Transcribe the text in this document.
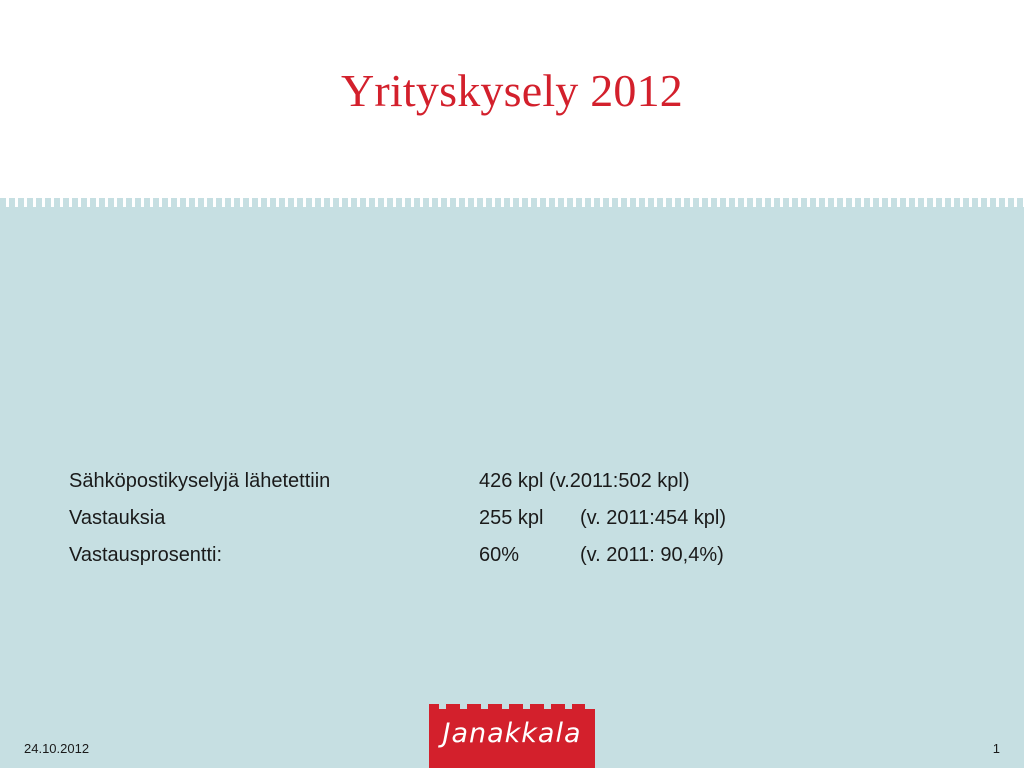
Yrityskysely 2012
Sähköpostikyselyjä lähetettiin	426 kpl (v.2011:502 kpl)
Vastauksia	255 kpl (v. 2011:454 kpl)
Vastausprosentti:	60%	(v. 2011: 90,4%)
24.10.2012	1
Janakkala
